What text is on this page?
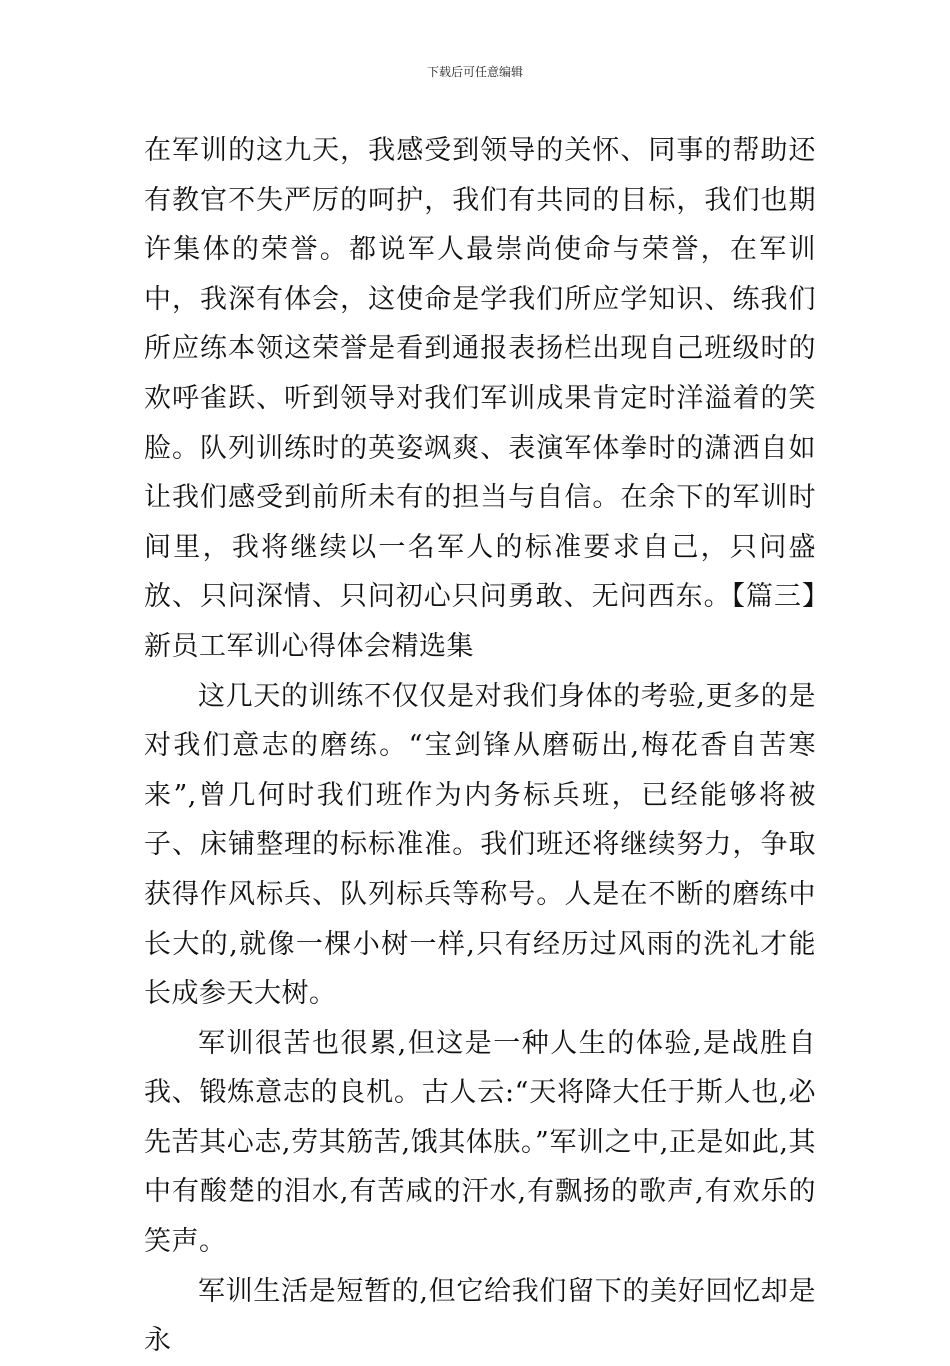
下载后可任意编辑

在军训的这九天，我感受到领导的关怀、同事的帮助还有教官不失严厉的呵护，我们有共同的目标，我们也期许集体的荣誉。都说军人最崇尚使命与荣誉，在军训中，我深有体会，这使命是学我们所应学知识、练我们所应练本领这荣誉是看到通报表扬栏出现自己班级时的欢呼雀跃、听到领导对我们军训成果肯定时洋溢着的笑脸。队列训练时的英姿飒爽、表演军体拳时的潇洒自如让我们感受到前所未有的担当与自信。在余下的军训时间里，我将继续以一名军人的标准要求自己，只问盛放、只问深情、只问初心只问勇敢、无问西东。【篇三】新员工军训心得体会精选集

这几天的训练不仅仅是对我们身体的考验,更多的是对我们意志的磨练。“宝剑锋从磨砺出,梅花香自苦寒来”,曾几何时我们班作为内务标兵班，已经能够将被子、床铺整理的标标准准。我们班还将继续努力，争取获得作风标兵、队列标兵等称号。人是在不断的磨练中长大的,就像一棵小树一样,只有经历过风雨的洗礼才能长成参天大树。

军训很苦也很累,但这是一种人生的体验,是战胜自我、锻炼意志的良机。古人云:“天将降大任于斯人也,必先苦其心志,劳其筋苦,饿其体肤。”军训之中,正是如此,其中有酸楚的泪水,有苦咸的汗水,有飘扬的歌声,有欢乐的笑声。

军训生活是短暂的,但它给我们留下的美好回忆却是永
